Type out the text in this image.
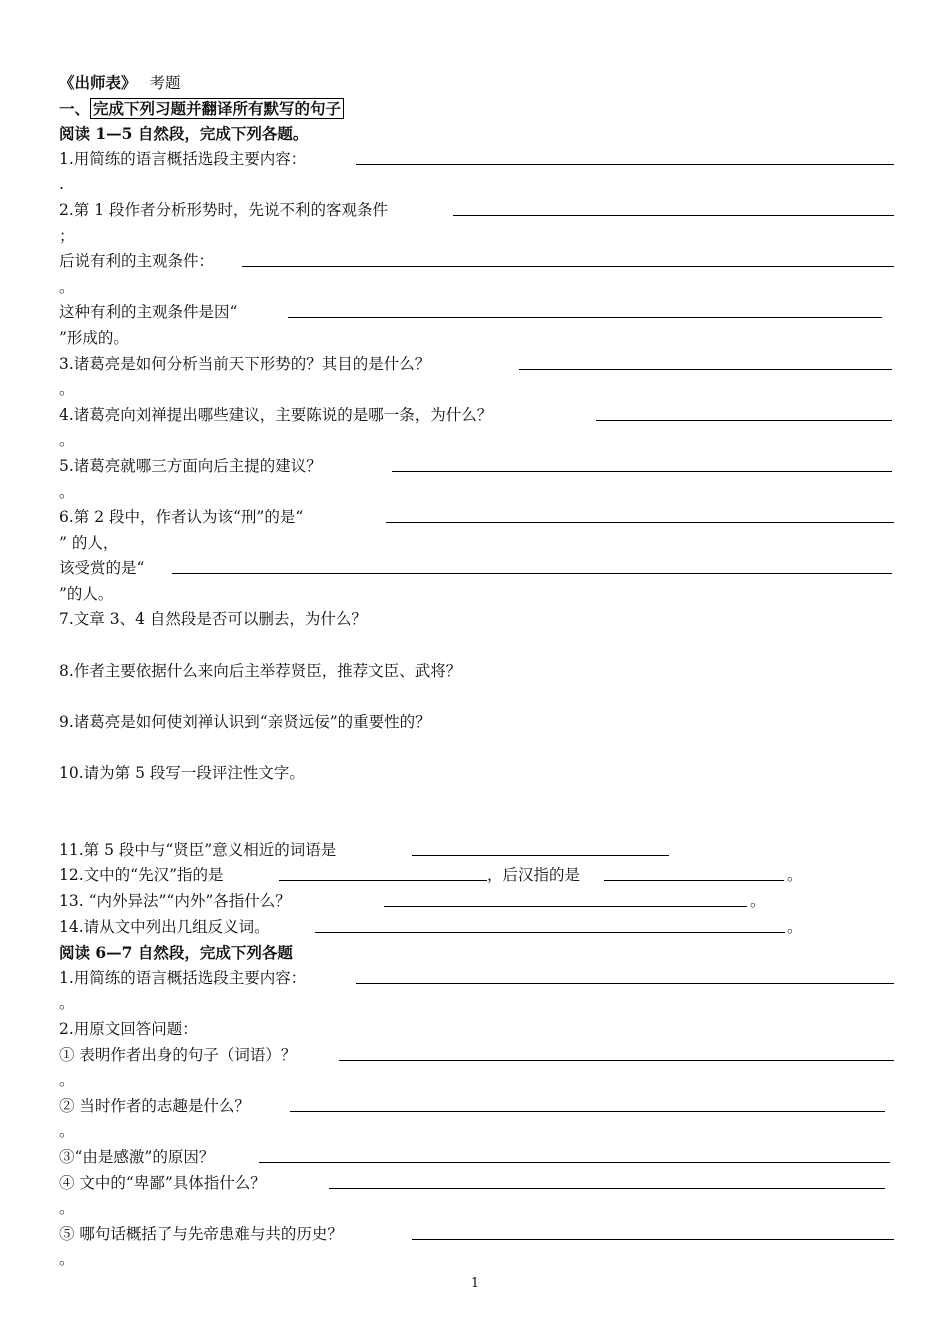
《出师表》 考题
一、 完成下列习题并翻译所有默写的句子
阅读 1—5 自然段，完成下列各题。
1.用简练的语言概括选段主要内容：
.
2.第 1 段作者分析形势时，先说不利的客观条件
；
后说有利的主观条件：
。
这种有利的主观条件是因“
”形成的。
3.诸葛亮是如何分析当前天下形势的？其目的是什么？
。
4.诸葛亮向刘禅提出哪些建议，主要陈说的是哪一条，为什么？
。
5.诸葛亮就哪三方面向后主提的建议？
。
6.第 2 段中，作者认为该“刑”的是“
” 的人，
该受赏的是“
”的人。
7.文章 3、4 自然段是否可以删去，为什么？
8.作者主要依据什么来向后主举荐贤臣，推荐文臣、武将？
9.诸葛亮是如何使刘禅认识到“亲贤远佞”的重要性的？
10.请为第 5 段写一段评注性文字。
11.第 5 段中与“贤臣”意义相近的词语是
12.文中的“先汉”指的是	，后汉指的是	。
13. “内外异法”“内外”各指什么？	。
14.请从文中列出几组反义词。	。
阅读 6—7 自然段，完成下列各题
1.用简练的语言概括选段主要内容：
。
2.用原文回答问题：
① 表明作者出身的句子（词语）？
。
② 当时作者的志趣是什么？
。
③“由是感激”的原因？
④ 文中的“卑鄙”具体指什么？
。
⑤ 哪句话概括了与先帝患难与共的历史？
。
1
